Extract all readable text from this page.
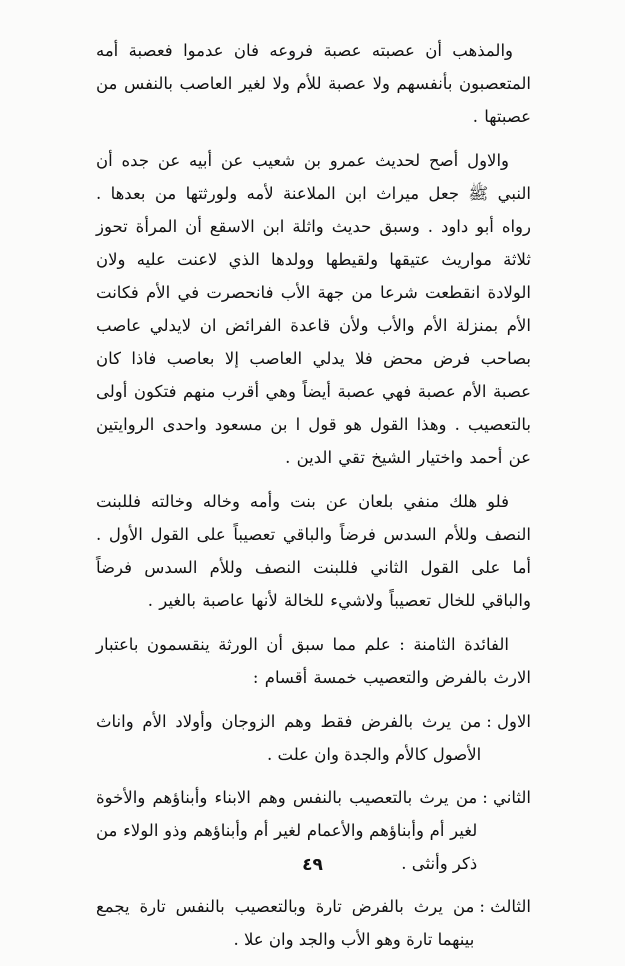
والمذهب أن عصبته عصبة فروعه فان عدموا فعصبة أمه المتعصبون بأنفسهم ولا عصبة للأم ولا لغير العاصب بالنفس من عصبتها .

والاول أصح لحديث عمرو بن شعيب عن أبيه عن جده أن النبي ﷺ جعل ميراث ابن الملاعنة لأمه ولورثتها من بعدها . رواه أبو داود . وسبق حديث واثلة ابن الاسقع أن المرأة تحوز ثلاثة مواريث عتيقها ولقيطها وولدها الذي لاعنت عليه ولان الولادة انقطعت شرعا من جهة الأب فانحصرت في الأم فكانت الأم بمنزلة الأم والأب ولأن قاعدة الفرائض ان لايدلي عاصب بصاحب فرض محض فلا يدلي العاصب إلا بعاصب فاذا كان عصبة الأم عصبة فهي عصبة أيضاً وهي أقرب منهم فتكون أولى بالتعصيب . وهذا القول هو قول ا بن مسعود واحدى الروايتين عن أحمد واختيار الشيخ تقي الدين .

فلو هلك منفي بلعان عن بنت وأمه وخاله وخالته فللبنت النصف وللأم السدس فرضاً والباقي تعصيباً على القول الأول . أما على القول الثاني فللبنت النصف وللأم السدس فرضاً والباقي للخال تعصيباً ولاشيء للخالة لأنها عاصبة بالغير .

الفائدة الثامنة : علم مما سبق أن الورثة ينقسمون باعتبار الارث بالفرض والتعصيب خمسة أقسام :

الاول :
من يرث بالفرض فقط وهم الزوجان وأولاد الأم واناث الأصول كالأم والجدة وان علت .
الثاني :
من يرث بالتعصيب بالنفس وهم الابناء وأبناؤهم والأخوة لغير أم وأبناؤهم والأعمام لغير أم وأبناؤهم وذو الولاء من ذكر وأنثى .
الثالث :
من يرث بالفرض تارة وبالتعصيب بالنفس تارة يجمع بينهما تارة وهو الأب والجد وان علا .
٤٩
